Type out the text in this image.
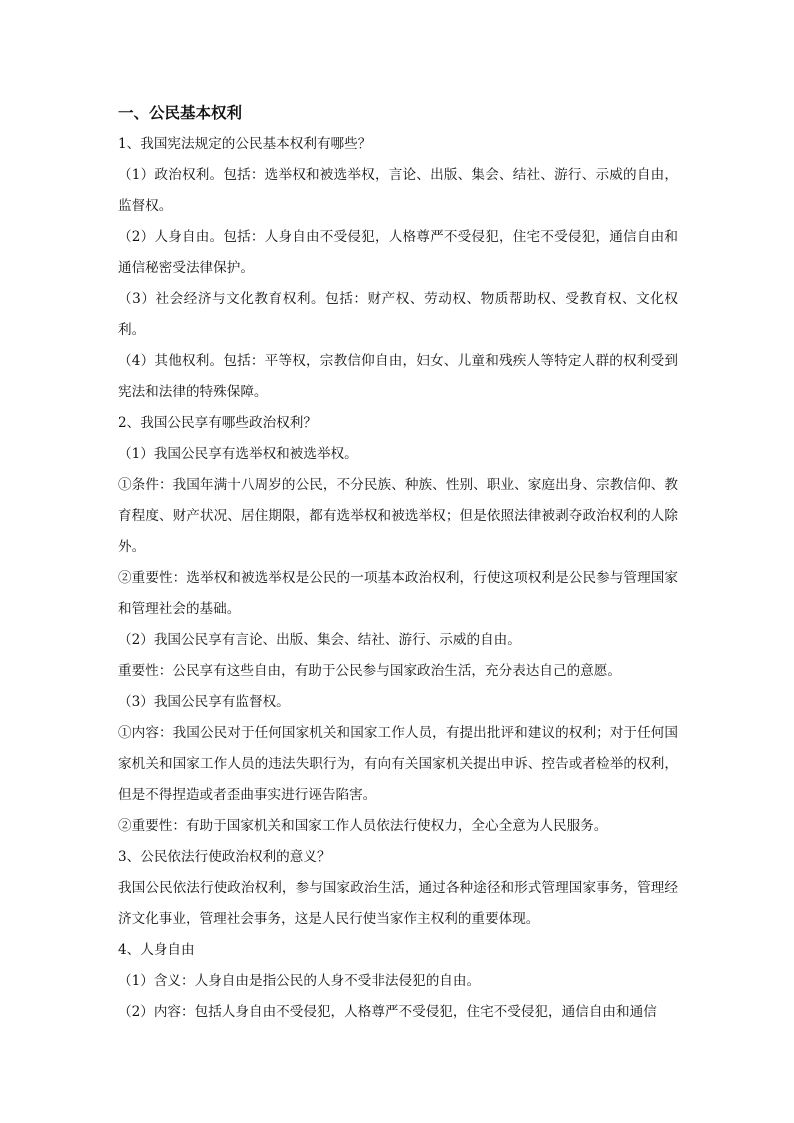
一、公民基本权利

1、我国宪法规定的公民基本权利有哪些？

（1）政治权利。包括：选举权和被选举权，言论、出版、集会、结社、游行、示威的自由，监督权。

（2）人身自由。包括：人身自由不受侵犯，人格尊严不受侵犯，住宅不受侵犯，通信自由和通信秘密受法律保护。

（3）社会经济与文化教育权利。包括：财产权、劳动权、物质帮助权、受教育权、文化权利。

（4）其他权利。包括：平等权，宗教信仰自由，妇女、儿童和残疾人等特定人群的权利受到宪法和法律的特殊保障。

2、我国公民享有哪些政治权利？

（1）我国公民享有选举权和被选举权。

①条件：我国年满十八周岁的公民，不分民族、种族、性别、职业、家庭出身、宗教信仰、教育程度、财产状况、居住期限，都有选举权和被选举权；但是依照法律被剥夺政治权利的人除外。

②重要性：选举权和被选举权是公民的一项基本政治权利，行使这项权利是公民参与管理国家和管理社会的基础。

（2）我国公民享有言论、出版、集会、结社、游行、示威的自由。

重要性：公民享有这些自由，有助于公民参与国家政治生活，充分表达自己的意愿。

（3）我国公民享有监督权。

①内容：我国公民对于任何国家机关和国家工作人员，有提出批评和建议的权利；对于任何国家机关和国家工作人员的违法失职行为，有向有关国家机关提出申诉、控告或者检举的权利，但是不得捏造或者歪曲事实进行诬告陷害。

②重要性：有助于国家机关和国家工作人员依法行使权力，全心全意为人民服务。

3、公民依法行使政治权利的意义？

我国公民依法行使政治权利，参与国家政治生活，通过各种途径和形式管理国家事务，管理经济文化事业，管理社会事务，这是人民行使当家作主权利的重要体现。

4、人身自由

（1）含义：人身自由是指公民的人身不受非法侵犯的自由。

（2）内容：包括人身自由不受侵犯，人格尊严不受侵犯，住宅不受侵犯，通信自由和通信
